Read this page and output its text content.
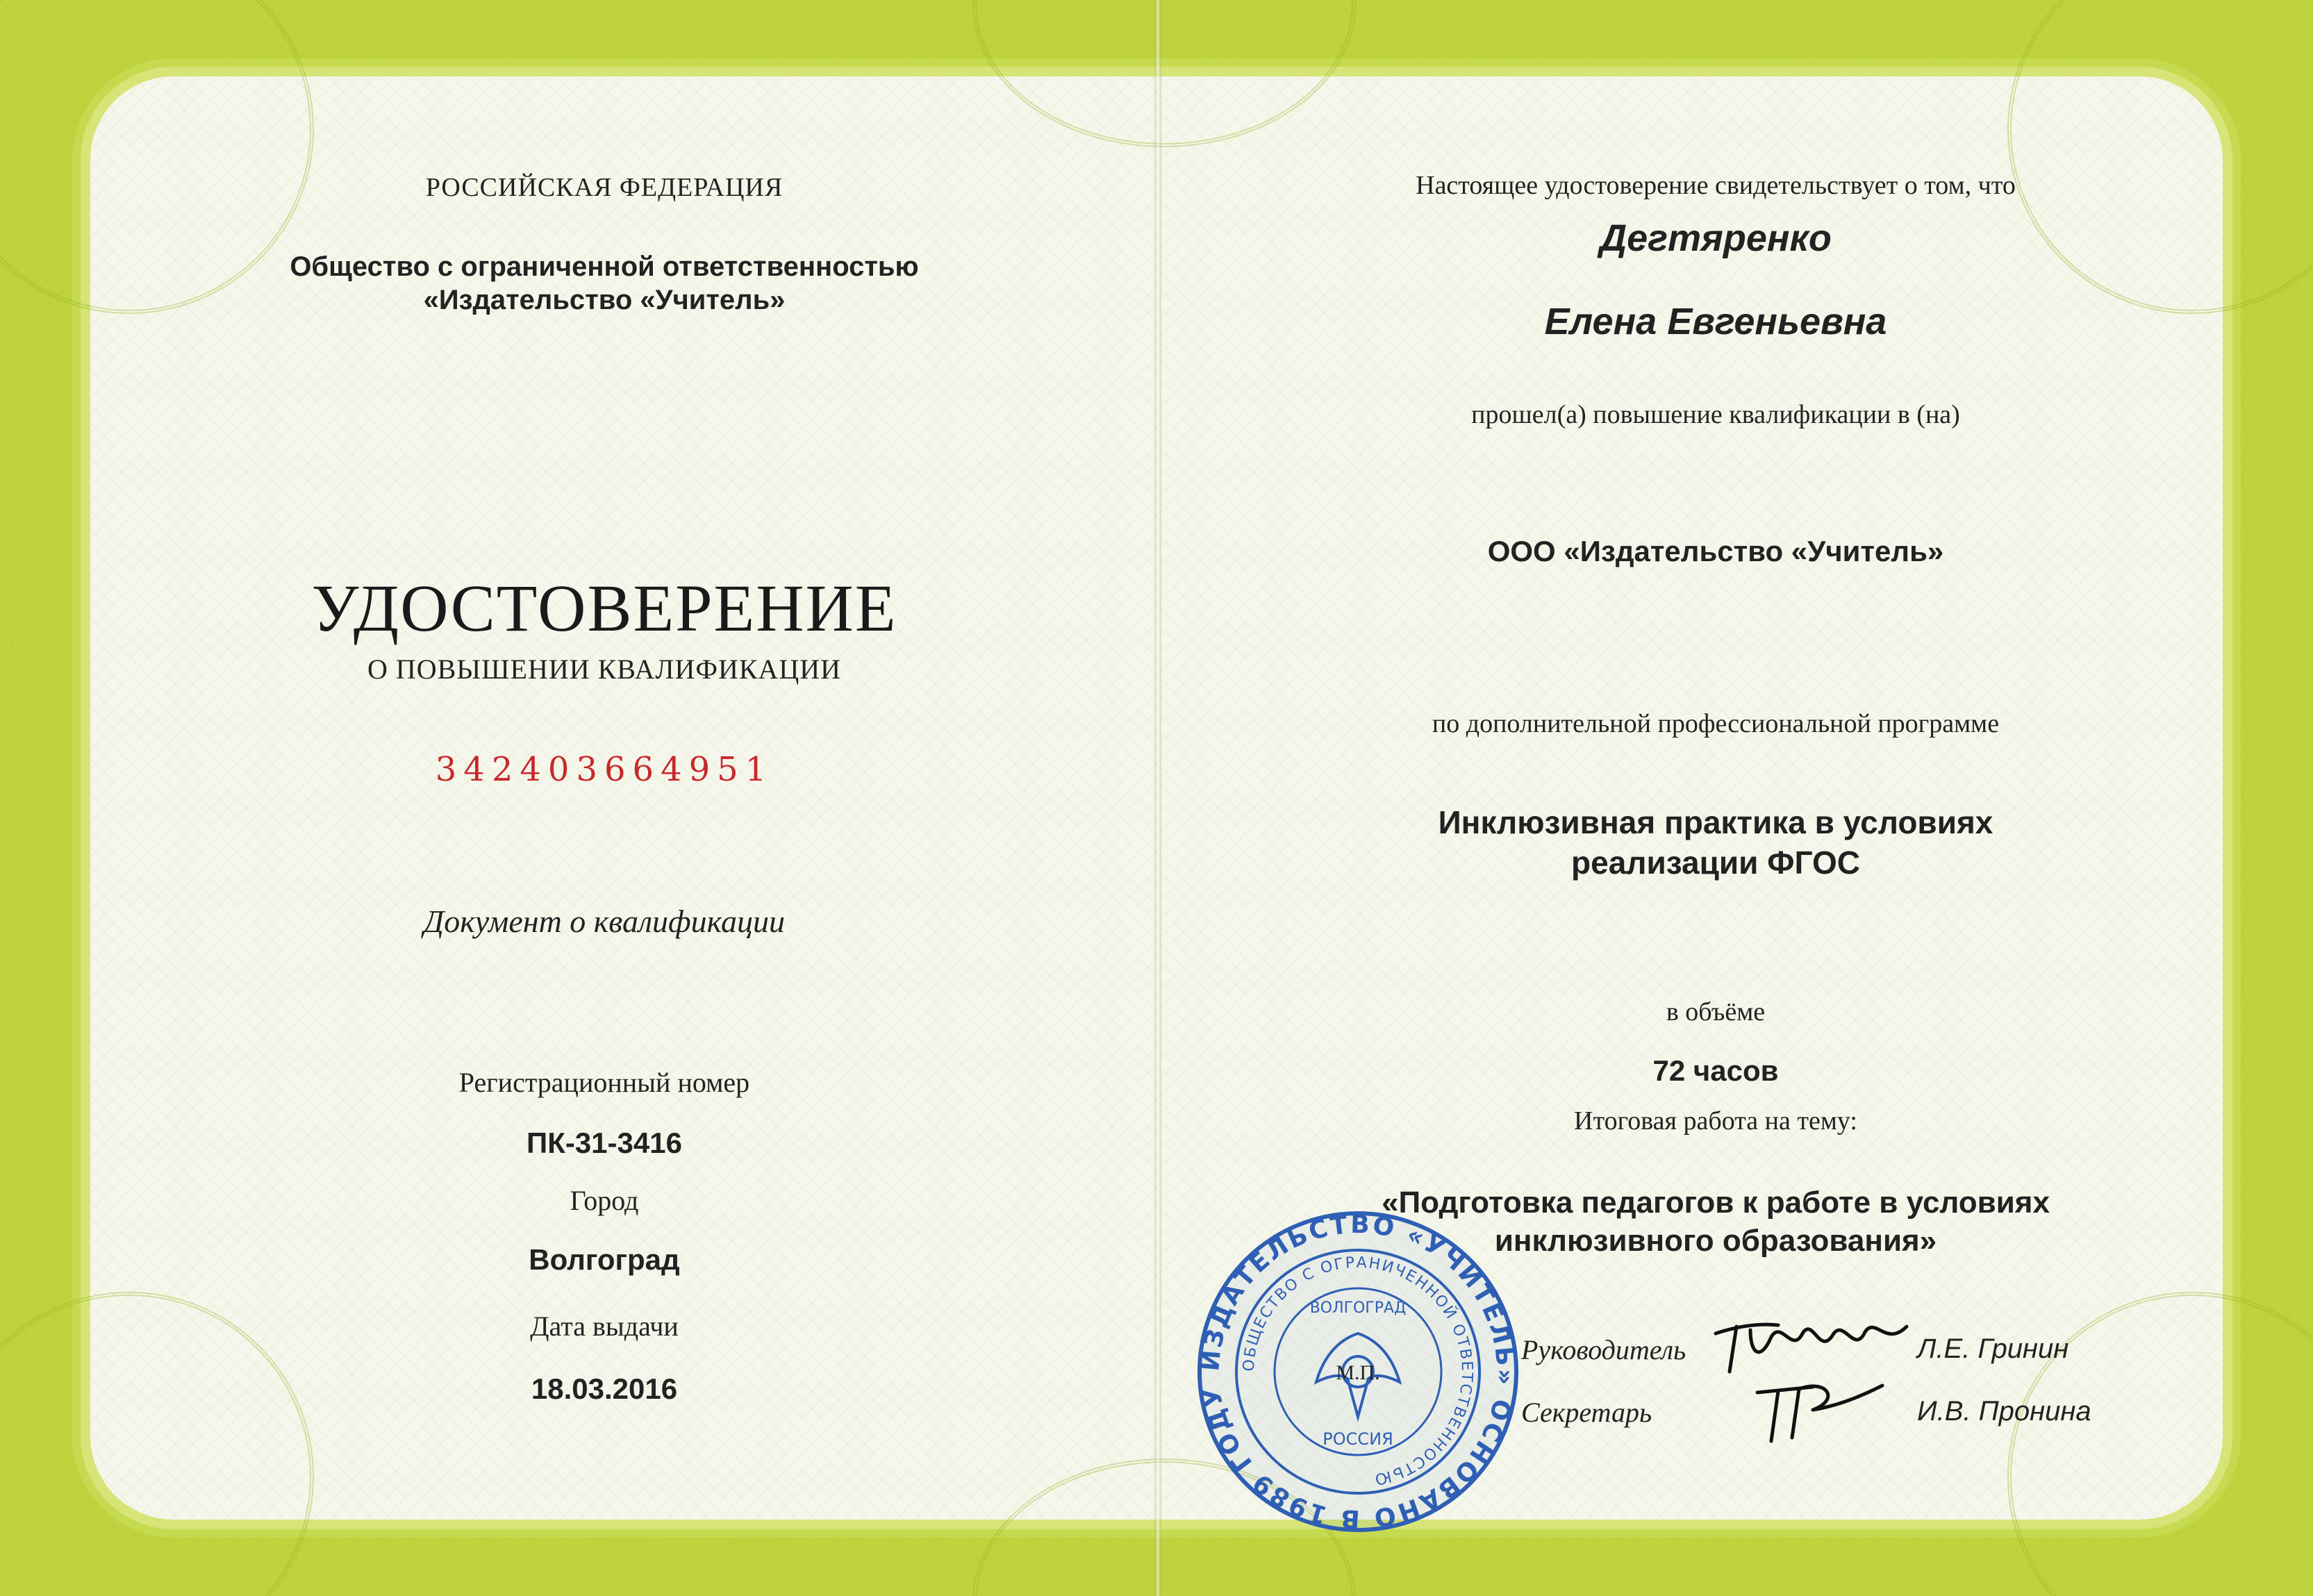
РОССИЙСКАЯ ФЕДЕРАЦИЯ
Общество с ограниченной ответственностью
«Издательство «Учитель»
УДОСТОВЕРЕНИЕ
О ПОВЫШЕНИИ КВАЛИФИКАЦИИ
342403664951
Документ о квалификации
Регистрационный номер
ПК-31-3416
Город
Волгоград
Дата выдачи
18.03.2016
Настоящее удостоверение свидетельствует о том, что
Дегтяренко
Елена Евгеньевна
прошел(а) повышение квалификации в (на)
ООО «Издательство «Учитель»
по дополнительной профессиональной программе
Инклюзивная практика в условиях
реализации ФГОС
в объёме
72 часов
Итоговая работа на тему:
«Подготовка педагогов к работе в условиях
инклюзивного образования»
Руководитель	Л.Е. Гринин
Секретарь	И.В. Пронина
ИЗДАТЕЛЬСТВО «УЧИТЕЛЬ» ОСНОВАНО В 1989 ГОДУ
ОБЩЕСТВО С ОГРАНИЧЕННОЙ ОТВЕТСТВЕННОСТЬЮ
ВОЛГОГРАД
РОССИЯ
М.П.
